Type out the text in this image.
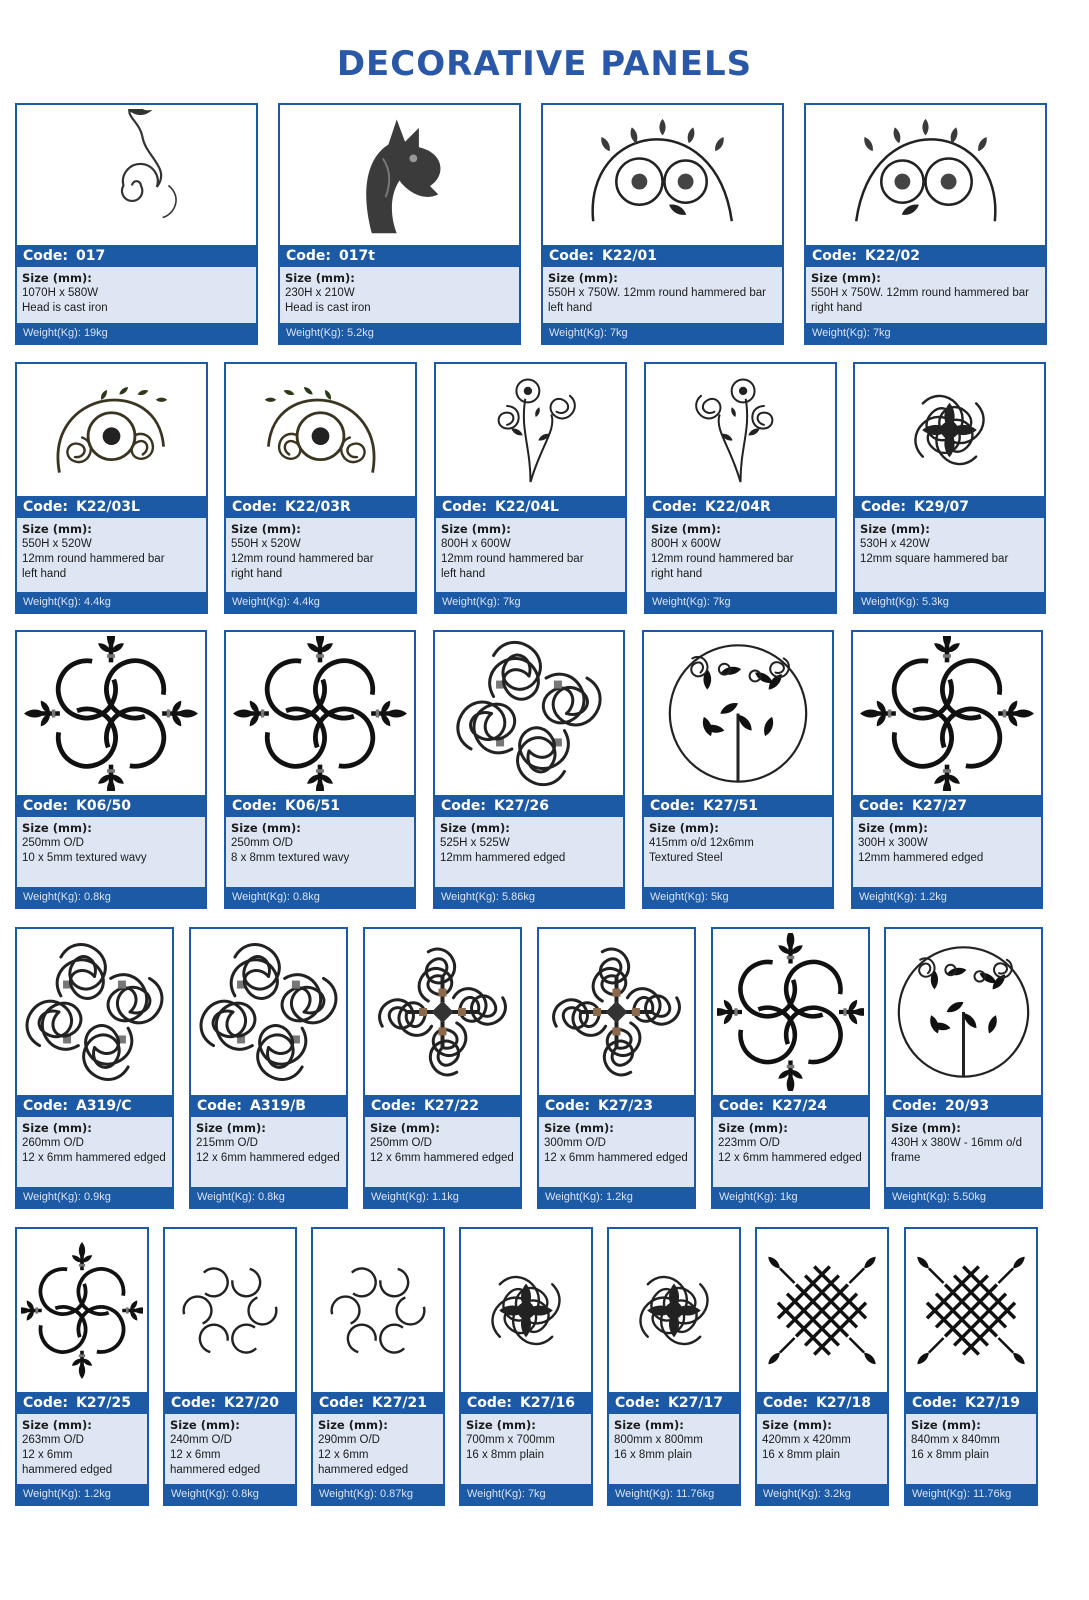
DECORATIVE PANELS
Code: 017
Size (mm):
1070H x 580W
Head is cast iron
Weight(Kg): 19kg
Code: 017t
Size (mm):
230H x 210W
Head is cast iron
Weight(Kg): 5.2kg
Code: K22/01
Size (mm):
550H x 750W. 12mm round hammered bar
left hand
Weight(Kg): 7kg
Code: K22/02
Size (mm):
550H x 750W. 12mm round hammered bar
right hand
Weight(Kg): 7kg
Code: K22/03L
Size (mm):
550H x 520W
12mm round hammered bar
left hand
Weight(Kg): 4.4kg
Code: K22/03R
Size (mm):
550H x 520W
12mm round hammered bar
right hand
Weight(Kg): 4.4kg
Code: K22/04L
Size (mm):
800H x 600W
12mm round hammered bar
left hand
Weight(Kg): 7kg
Code: K22/04R
Size (mm):
800H x 600W
12mm round hammered bar
right hand
Weight(Kg): 7kg
Code: K29/07
Size (mm):
530H x 420W
12mm square hammered bar
Weight(Kg): 5.3kg
Code: K06/50
Size (mm):
250mm O/D
10 x 5mm textured wavy
Weight(Kg): 0.8kg
Code: K06/51
Size (mm):
250mm O/D
8 x 8mm textured wavy
Weight(Kg): 0.8kg
Code: K27/26
Size (mm):
525H x 525W
12mm hammered edged
Weight(Kg): 5.86kg
Code: K27/51
Size (mm):
415mm o/d 12x6mm
Textured Steel
Weight(Kg): 5kg
Code: K27/27
Size (mm):
300H x 300W
12mm hammered edged
Weight(Kg): 1.2kg
Code: A319/C
Size (mm):
260mm O/D
12 x 6mm hammered edged
Weight(Kg): 0.9kg
Code: A319/B
Size (mm):
215mm O/D
12 x 6mm hammered edged
Weight(Kg): 0.8kg
Code: K27/22
Size (mm):
250mm O/D
12 x 6mm hammered edged
Weight(Kg): 1.1kg
Code: K27/23
Size (mm):
300mm O/D
12 x 6mm hammered edged
Weight(Kg): 1.2kg
Code: K27/24
Size (mm):
223mm O/D
12 x 6mm hammered edged
Weight(Kg): 1kg
Code: 20/93
Size (mm):
430H x 380W - 16mm o/d
frame
Weight(Kg): 5.50kg
Code: K27/25
Size (mm):
263mm O/D
12 x 6mm
hammered edged
Weight(Kg): 1.2kg
Code: K27/20
Size (mm):
240mm O/D
12 x 6mm
hammered edged
Weight(Kg): 0.8kg
Code: K27/21
Size (mm):
290mm O/D
12 x 6mm
hammered edged
Weight(Kg): 0.87kg
Code: K27/16
Size (mm):
700mm x 700mm
16 x 8mm plain
Weight(Kg): 7kg
Code: K27/17
Size (mm):
800mm x 800mm
16 x 8mm plain
Weight(Kg): 11.76kg
Code: K27/18
Size (mm):
420mm x 420mm
16 x 8mm plain
Weight(Kg): 3.2kg
Code: K27/19
Size (mm):
840mm x 840mm
16 x 8mm plain
Weight(Kg): 11.76kg
